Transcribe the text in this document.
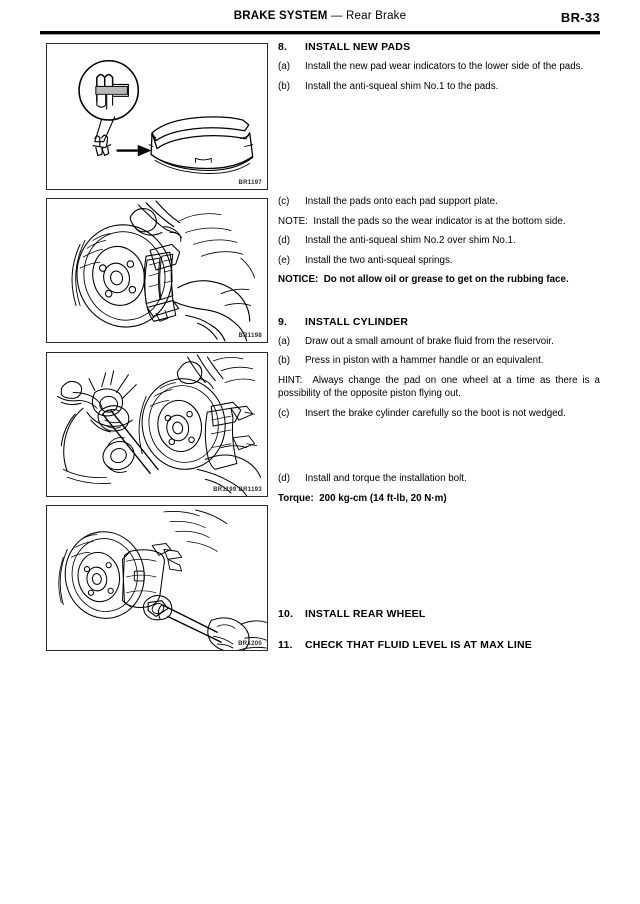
BRAKE SYSTEM — Rear Brake	BR-33
BR1197
BR1198
BR1199 BR1193
BR1200
8. INSTALL NEW PADS
(a) Install the new pad wear indicators to the lower side of the pads.
(b) Install the anti-squeal shim No.1 to the pads.
(c) Install the pads onto each pad support plate.
NOTE: Install the pads so the wear indicator is at the bottom side.
(d) Install the anti-squeal shim No.2 over shim No.1.
(e) Install the two anti-squeal springs.
NOTICE: Do not allow oil or grease to get on the rubbing face.
9. INSTALL CYLINDER
(a) Draw out a small amount of brake fluid from the reservoir.
(b) Press in piston with a hammer handle or an equivalent.
HINT: Always change the pad on one wheel at a time as there is a possibility of the opposite piston flying out.
(c) Insert the brake cylinder carefully so the boot is not wedged.
(d) Install and torque the installation bolt.
Torque: 200 kg-cm (14 ft-lb, 20 N·m)
10. INSTALL REAR WHEEL
11. CHECK THAT FLUID LEVEL IS AT MAX LINE
